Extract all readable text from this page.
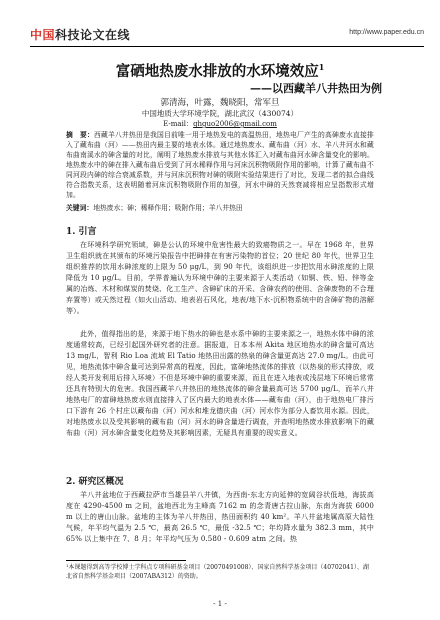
中国科技论文在线	http://www.paper.edu.cn
富硒地热废水排放的水环境效应$^1$
——以西藏羊八井热田为例
郭清海，叶露，魏晓阳，常军旦
中国地质大学环境学院，湖北武汉（430074）
E-mail：qhguo2006@gmail.com
摘　要：西藏羊八井热田是我国目前唯一用于地热发电的高温热田，地热电厂产生的高砷废水直接排入了藏布曲（河）——热田内最主要的地表水体。通过地热废水、藏布曲（河）水、羊八井河水和藏布曲南溪水的砷含量的对比，阐明了地热废水排放与其他水体汇入对藏布曲河水砷含量变化的影响。地热废水中的砷在排入藏布曲后受到了河水稀释作用与河床沉积物吸附作用的影响，计算了藏布曲不同河段内砷的综合衰减系数，并与河床沉积物对砷的吸附实验结果进行了对比，发现二者的拟合曲线符合指数关系，这表明随着河床沉积物吸附作用的加强，河水中砷的天然衰减将相应呈指数形式增加。
关键词：地热废水；砷；稀释作用；吸附作用；羊八井热田
1. 引言
在环境科学研究领域，砷是公认的环境中危害性最大的致癌物质之一。早在 1968 年，世界卫生组织就在其颁布的环境污染报告中把砷排在有害污染物的首位；20 世纪 80 年代，世界卫生组织推荐的饮用水砷浓度的上限为 50 μg/L，到 90 年代，该组织进一步把饮用水砷浓度的上限降低为 10 μg/L。目前，学界普遍认为环境中砷的主要来源于人类活动（如铜、铁、铅、锌等金属的冶炼、木材和煤炭的焚烧、化工生产、含砷矿床的开采、含砷农药的使用、含砷废物的不合理弃置等）或天然过程（如火山活动、地表岩石风化，地表/地下水-沉积物系统中的含砷矿物的溶解等）。
此外，值得指出的是，来源于地下热水的砷也是水系中砷的主要来源之一，地热水体中砷的浓度通常较高，已经引起国外研究者的注意。据报道，日本本州 Akita 地区地热水的砷含量可高达 13 mg/L，智利 Rio Loa 流域 El Tatio 地热田出露的热泉的砷含量更高达 27.0 mg/L。由此可见，地热流体中砷含量可达到异常高的程度，因此，富砷地热流体的排放（以热泉的形式排放，或经人类开发利用后排入环境）不但是环境中砷的重要来源，而且在进入地表或浅层地下环境后常常还具有特别大的危害。我国西藏羊八井热田的地热流体的砷含量最高可达 5700 μg/L，而羊八井地热电厂的富砷地热废水则直接排入了区内最大的地表水体——藏布曲（河），由于地热电厂排污口下游有 26 个村庄以藏布曲（河）河水和堆龙德庆曲（河）河水作为部分人畜饮用水源。因此，对地热废水以及受其影响的藏布曲（河）河水的砷含量进行调查，并查明地热废水排放影响下的藏布曲（河）河水砷含量变化趋势及其影响因素，无疑具有重要的现实意义。
2. 研究区概况
羊八井盆地位于西藏拉萨市当雄县羊八井镇，为西南-东北方向延伸的宽阔谷状低地，海拔高度在 4290-4500 m 之间，盆地西北为主峰高 7162 m 的念青唐古拉山脉，东南为海拔 6000 m 以上的唐山山脉。盆地的主体为羊八井热田，热田面积约 40 km²。羊八井盆地属高原大陆性气候，年平均气温为 2.5 ℃，最高 26.5 ℃，最低 -32.5 ℃；年均降水量为 382.3 mm，其中 65% 以上集中在 7、8 月；年平均气压为 0.580 - 0.609 atm 之间。热
¹本课题得到高等学校博士学科点专项科研基金项目（20070491008）、国家自然科学基金项目（40702041）、湖北省自然科学基金项目（2007ABA312）的资助。
- 1 -
